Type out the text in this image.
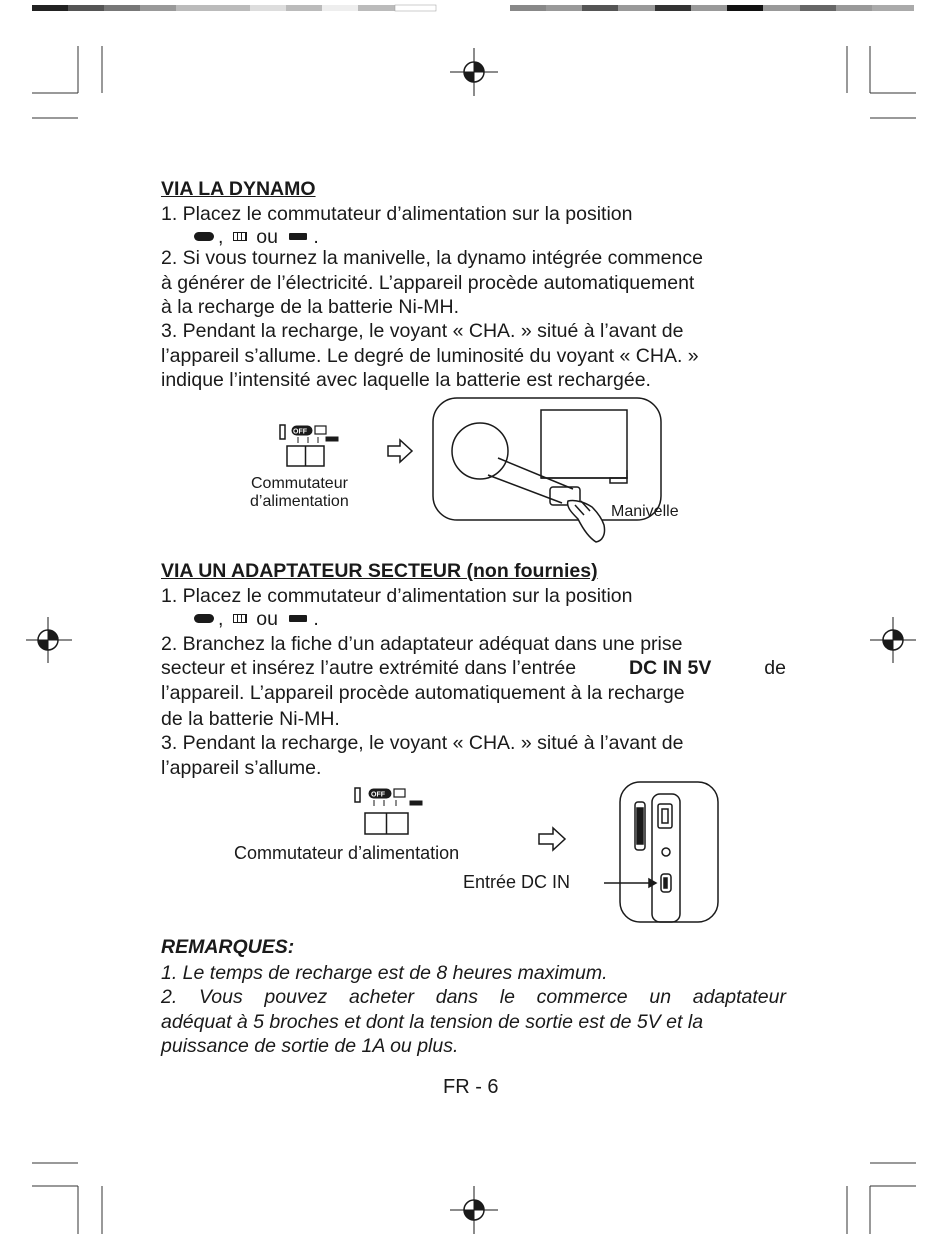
VIA LA DYNAMO
1. Placez le commutateur d’alimentation sur la position
, ou .
2. Si vous tournez la manivelle, la dynamo intégrée commence
à générer de l’électricité. L’appareil procède automatiquement
à la recharge de la batterie Ni-MH.
3. Pendant la recharge, le voyant « CHA. » situé à l’avant de
l’appareil s’allume. Le degré de luminosité du voyant « CHA. »
indique l’intensité avec laquelle la batterie est rechargée.
OFF
Commutateur
d’alimentation
Manivelle
VIA UN ADAPTATEUR SECTEUR (non fournies)
1. Placez le commutateur d’alimentation sur la position
, ou .
2. Branchez la fiche d’un adaptateur adéquat dans une prise
secteur et insérez l’autre extrémité dans l’entrée	DC IN 5V	de
l’appareil. L’appareil procède automatiquement à la recharge
de la batterie Ni-MH.
3. Pendant la recharge, le voyant « CHA. » situé à l’avant de
l’appareil s’allume.
OFF
Commutateur d’alimentation
Entrée DC IN
REMARQUES:
1. Le temps de recharge est de 8 heures maximum.
2. Vous pouvez acheter dans le commerce un adaptateur
adéquat à 5 broches et dont la tension de sortie est de 5V et la
puissance de sortie de 1A ou plus.
FR - 6
